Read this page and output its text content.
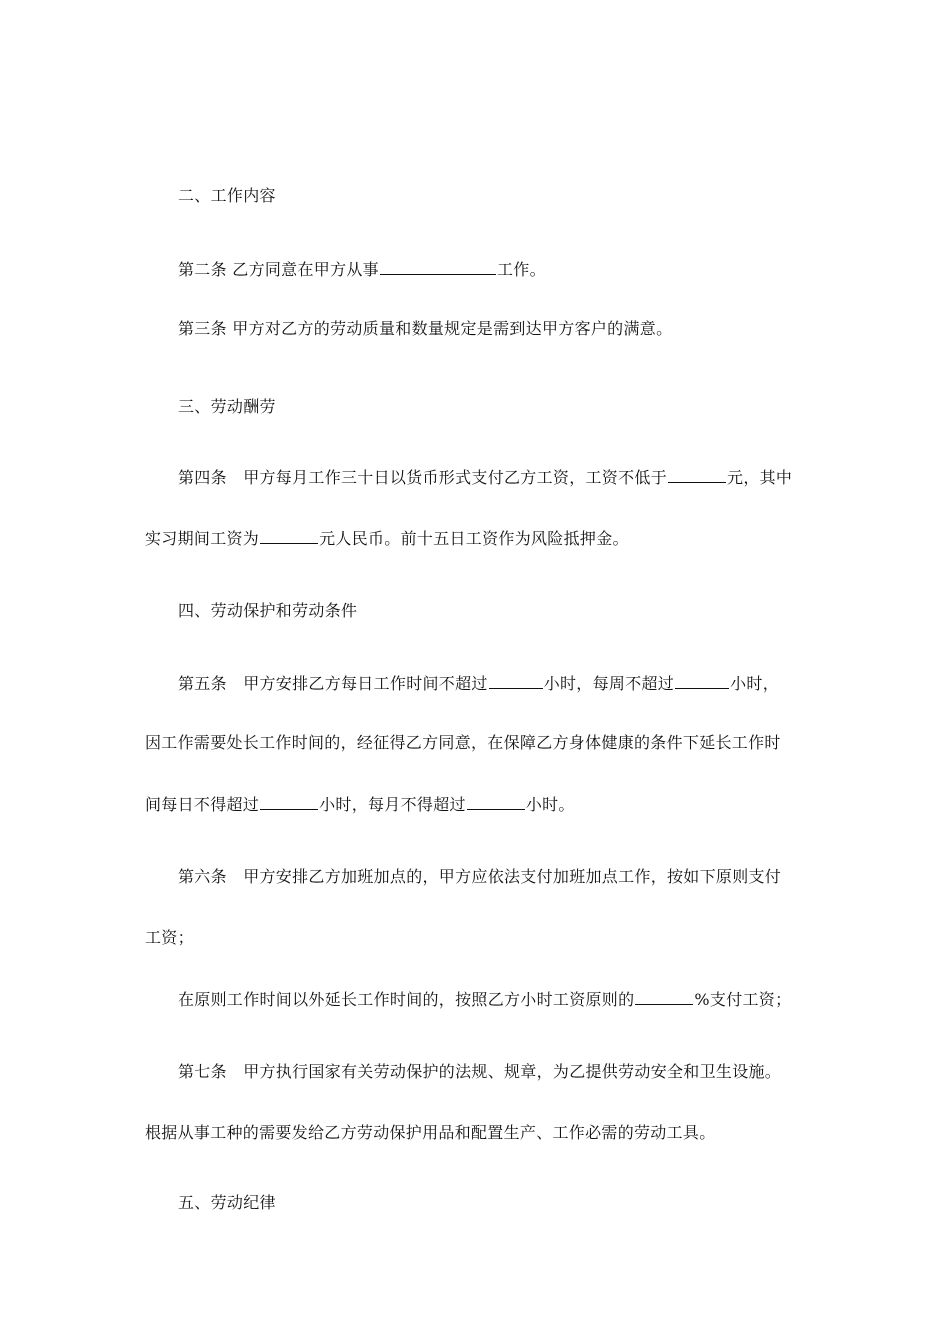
二、工作内容
第二条 乙方同意在甲方从事	工作。
第三条 甲方对乙方的劳动质量和数量规定是需到达甲方客户的满意。
三、劳动酬劳
第四条　甲方每月工作三十日以货币形式支付乙方工资，工资不低于	元，其中
实习期间工资为	元人民币。前十五日工资作为风险抵押金。
四、劳动保护和劳动条件
第五条　甲方安排乙方每日工作时间不超过	小时，每周不超过	小时，
因工作需要处长工作时间的，经征得乙方同意，在保障乙方身体健康的条件下延长工作时
间每日不得超过	小时，每月不得超过	小时。
第六条　甲方安排乙方加班加点的，甲方应依法支付加班加点工作，按如下原则支付
工资；
在原则工作时间以外延长工作时间的，按照乙方小时工资原则的	%支付工资；
第七条　甲方执行国家有关劳动保护的法规、规章，为乙提供劳动安全和卫生设施。
根据从事工种的需要发给乙方劳动保护用品和配置生产、工作必需的劳动工具。
五、劳动纪律
